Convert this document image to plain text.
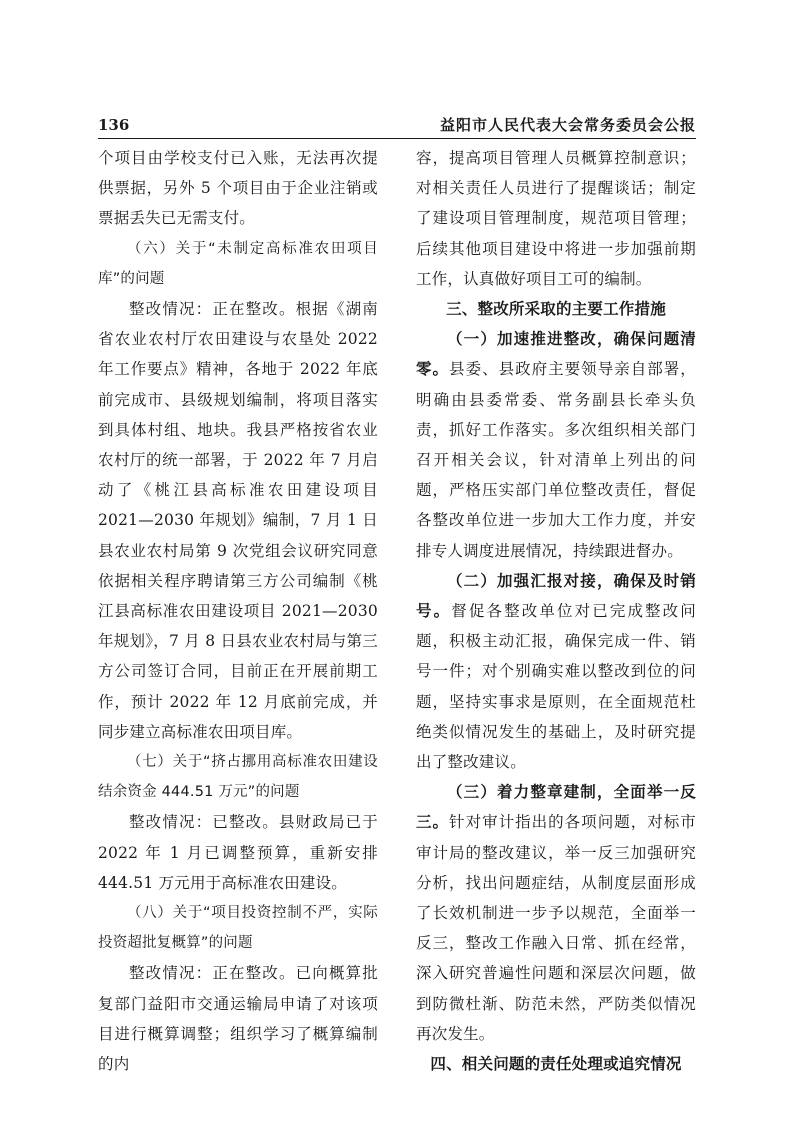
136	益阳市人民代表大会常务委员会公报

个项目由学校支付已入账，无法再次提供票据，另外 5 个项目由于企业注销或票据丢失已无需支付。

（六）关于“未制定高标准农田项目库”的问题

整改情况：正在整改。根据《湖南省农业农村厅农田建设与农垦处 2022 年工作要点》精神，各地于 2022 年底前完成市、县级规划编制，将项目落实到具体村组、地块。我县严格按省农业农村厅的统一部署，于 2022 年 7 月启动了《桃江县高标准农田建设项目 2021—2030 年规划》编制，7 月 1 日县农业农村局第 9 次党组会议研究同意依据相关程序聘请第三方公司编制《桃江县高标准农田建设项目 2021—2030 年规划》，7 月 8 日县农业农村局与第三方公司签订合同，目前正在开展前期工作，预计 2022 年 12 月底前完成，并同步建立高标准农田项目库。

（七）关于“挤占挪用高标准农田建设结余资金 444.51 万元”的问题

整改情况：已整改。县财政局已于 2022 年 1 月已调整预算，重新安排 444.51 万元用于高标准农田建设。

（八）关于“项目投资控制不严，实际投资超批复概算”的问题

整改情况：正在整改。已向概算批复部门益阳市交通运输局申请了对该项目进行概算调整；组织学习了概算编制的内

容，提高项目管理人员概算控制意识；对相关责任人员进行了提醒谈话；制定了建设项目管理制度，规范项目管理；后续其他项目建设中将进一步加强前期工作，认真做好项目工可的编制。

三、整改所采取的主要工作措施

（一）加速推进整改，确保问题清零。县委、县政府主要领导亲自部署，明确由县委常委、常务副县长牵头负责，抓好工作落实。多次组织相关部门召开相关会议，针对清单上列出的问题，严格压实部门单位整改责任，督促各整改单位进一步加大工作力度，并安排专人调度进展情况，持续跟进督办。

（二）加强汇报对接，确保及时销号。督促各整改单位对已完成整改问题，积极主动汇报，确保完成一件、销号一件；对个别确实难以整改到位的问题，坚持实事求是原则，在全面规范杜绝类似情况发生的基础上，及时研究提出了整改建议。

（三）着力整章建制，全面举一反三。针对审计指出的各项问题，对标市审计局的整改建议，举一反三加强研究分析，找出问题症结，从制度层面形成了长效机制进一步予以规范，全面举一反三，整改工作融入日常、抓在经常，深入研究普遍性问题和深层次问题，做到防微杜渐、防范未然，严防类似情况再次发生。

四、相关问题的责任处理或追究情况
